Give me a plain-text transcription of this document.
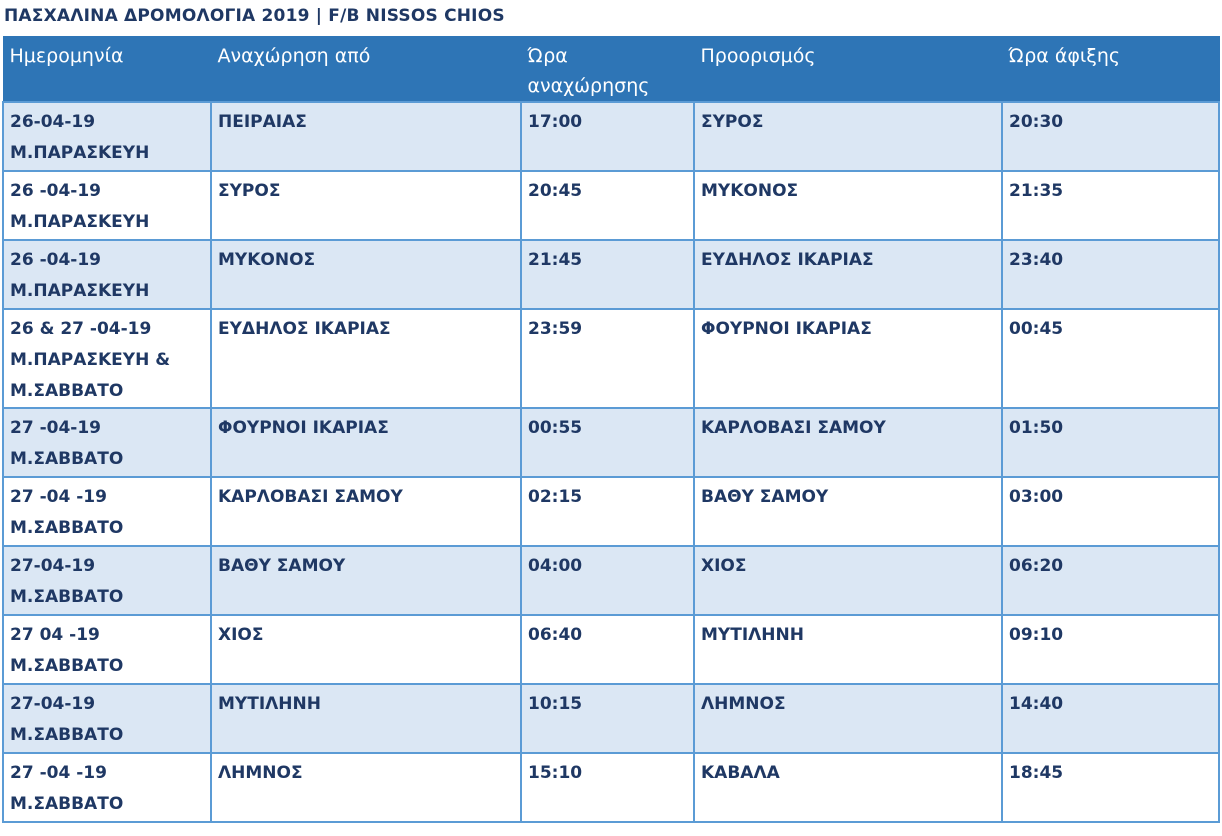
ΠΑΣΧΑΛΙΝΑ ΔΡΟΜΟΛΟΓΙΑ 2019 | F/B NISSOS CHIOS
Ημερομηνία	Αναχώρηση από	Ώρα
αναχώρησης	Προορισμός	Ώρα άφιξης

26-04-19
Μ.ΠΑΡΑΣΚΕΥΗ	ΠΕΙΡΑΙΑΣ	17:00	ΣΥΡΟΣ	20:30

26 -04-19
Μ.ΠΑΡΑΣΚΕΥΗ	ΣΥΡΟΣ	20:45	ΜΥΚΟΝΟΣ	21:35

26 -04-19
Μ.ΠΑΡΑΣΚΕΥΗ	ΜΥΚΟΝΟΣ	21:45	ΕΥΔΗΛΟΣ ΙΚΑΡΙΑΣ	23:40

26 & 27 -04-19
Μ.ΠΑΡΑΣΚΕΥΗ &
Μ.ΣΑΒΒΑΤΟ	ΕΥΔΗΛΟΣ ΙΚΑΡΙΑΣ	23:59	ΦΟΥΡΝΟΙ ΙΚΑΡΙΑΣ	00:45

27 -04-19
Μ.ΣΑΒΒΑΤΟ	ΦΟΥΡΝΟΙ ΙΚΑΡΙΑΣ	00:55	ΚΑΡΛΟΒΑΣΙ ΣΑΜΟΥ	01:50

27 -04 -19
Μ.ΣΑΒΒΑΤΟ	ΚΑΡΛΟΒΑΣΙ ΣΑΜΟΥ	02:15	ΒΑΘΥ ΣΑΜΟΥ	03:00

27-04-19
Μ.ΣΑΒΒΑΤΟ	ΒΑΘΥ ΣΑΜΟΥ	04:00	ΧΙΟΣ	06:20

27 04 -19
Μ.ΣΑΒΒΑΤΟ	ΧΙΟΣ	06:40	ΜΥΤΙΛΗΝΗ	09:10

27-04-19
Μ.ΣΑΒΒΑΤΟ	ΜΥΤΙΛΗΝΗ	10:15	ΛΗΜΝΟΣ	14:40

27 -04 -19
Μ.ΣΑΒΒΑΤΟ	ΛΗΜΝΟΣ	15:10	ΚΑΒΑΛΑ	18:45
